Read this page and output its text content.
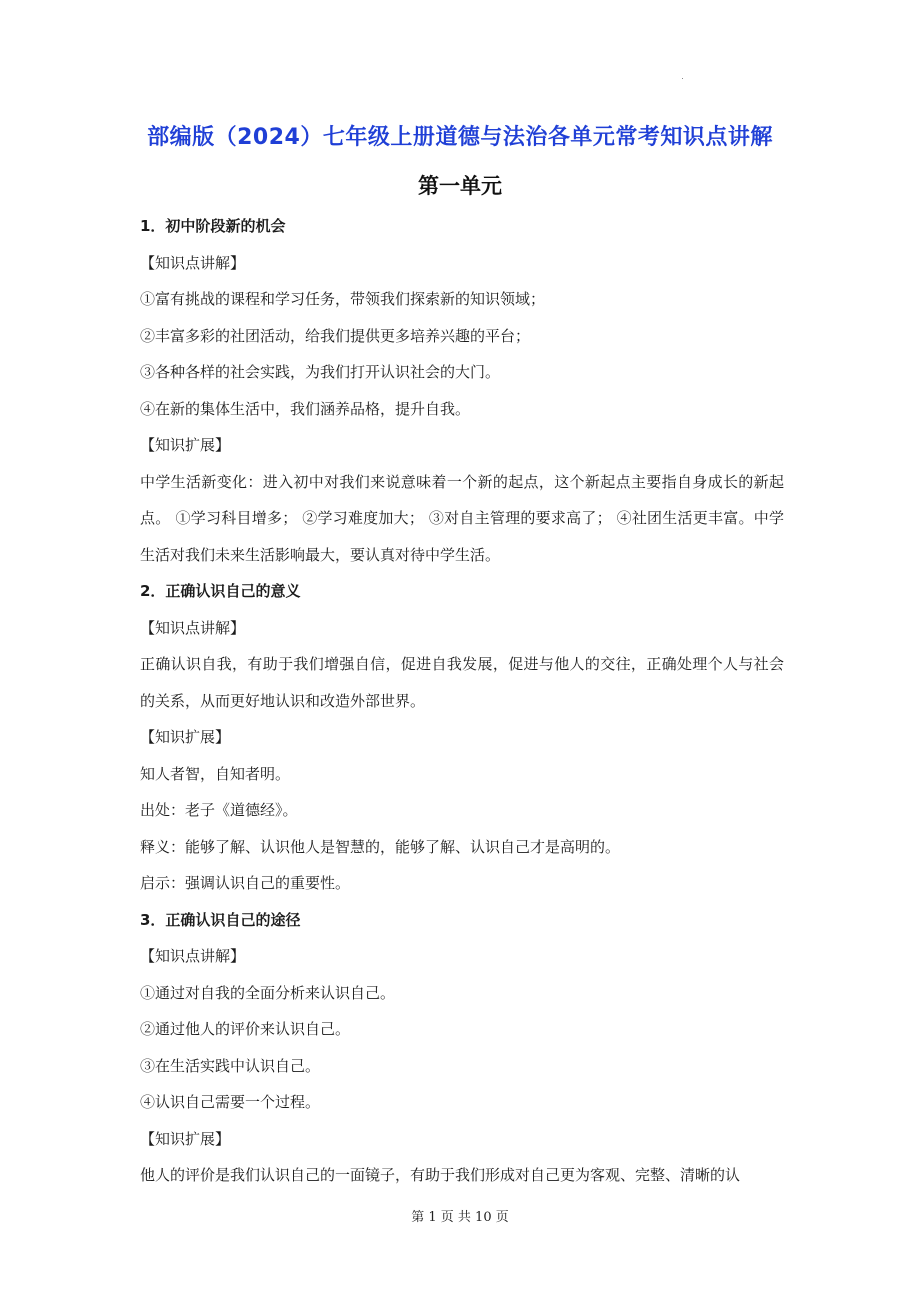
部编版（2024）七年级上册道德与法治各单元常考知识点讲解
第一单元

1．初中阶段新的机会

【知识点讲解】

①富有挑战的课程和学习任务，带领我们探索新的知识领域；

②丰富多彩的社团活动，给我们提供更多培养兴趣的平台；

③各种各样的社会实践，为我们打开认识社会的大门。

④在新的集体生活中，我们涵养品格，提升自我。

【知识扩展】

中学生活新变化：进入初中对我们来说意味着一个新的起点，这个新起点主要指自身成长的新起点。 ①学习科目增多； ②学习难度加大； ③对自主管理的要求高了； ④社团生活更丰富。中学生活对我们未来生活影响最大，要认真对待中学生活。

2．正确认识自己的意义

【知识点讲解】

正确认识自我，有助于我们增强自信，促进自我发展，促进与他人的交往，正确处理个人与社会的关系，从而更好地认识和改造外部世界。

【知识扩展】

知人者智，自知者明。

出处：老子《道德经》。

释义：能够了解、认识他人是智慧的，能够了解、认识自己才是高明的。

启示：强调认识自己的重要性。

3．正确认识自己的途径

【知识点讲解】

①通过对自我的全面分析来认识自己。

②通过他人的评价来认识自己。

③在生活实践中认识自己。

④认识自己需要一个过程。

【知识扩展】

他人的评价是我们认识自己的一面镜子，有助于我们形成对自己更为客观、完整、清晰的认

第 1 页 共 10 页
